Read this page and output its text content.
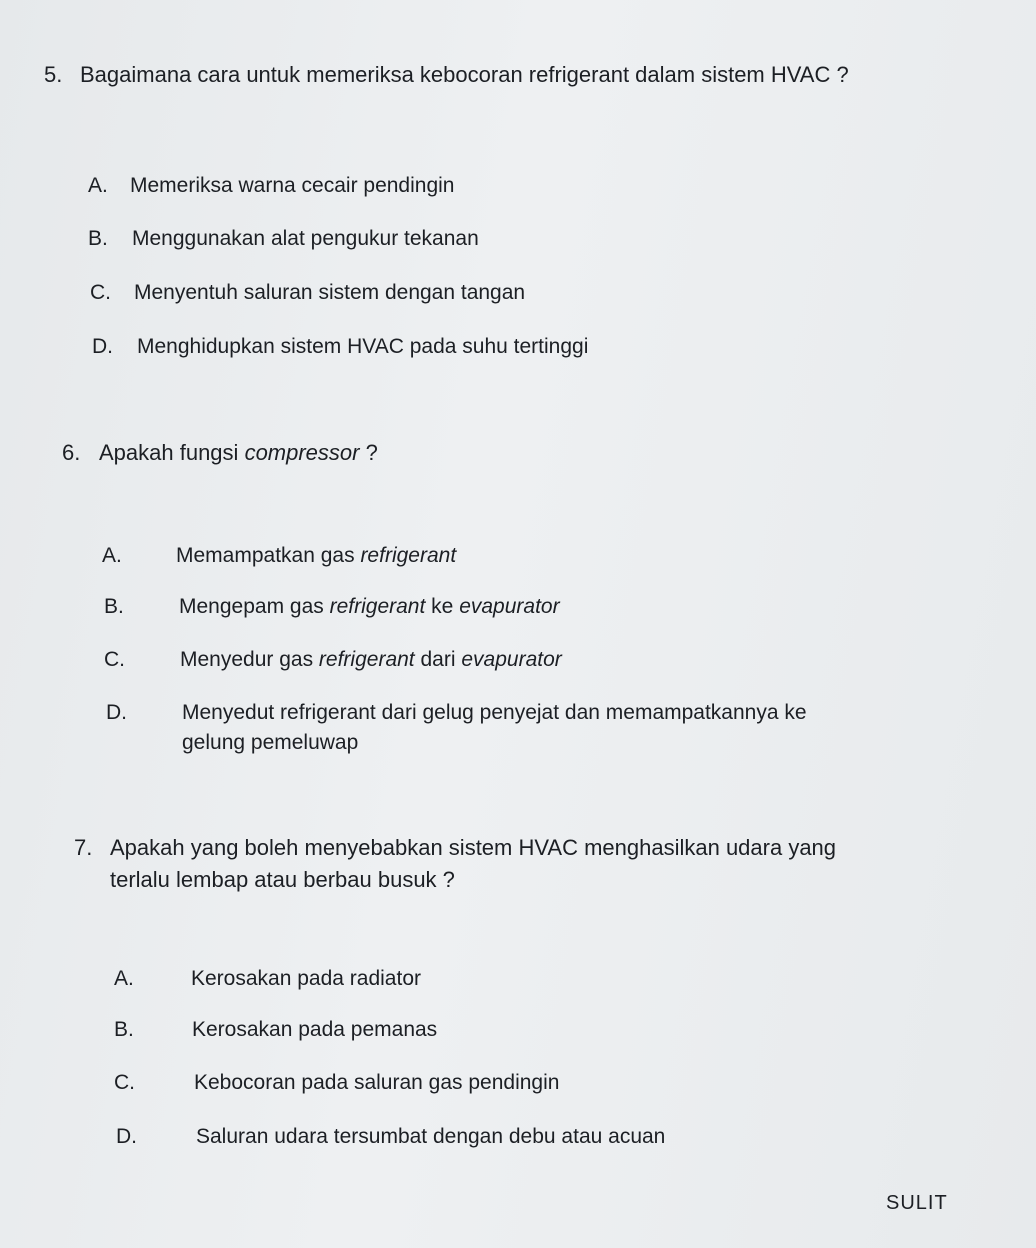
5. Bagaimana cara untuk memeriksa kebocoran refrigerant dalam sistem HVAC ?
A. Memeriksa warna cecair pendingin
B. Menggunakan alat pengukur tekanan
C. Menyentuh saluran sistem dengan tangan
D. Menghidupkan sistem HVAC pada suhu tertinggi
6. Apakah fungsi compressor ?
A.	Memampatkan gas refrigerant
B.	Mengepam gas refrigerant ke evapurator
C.	Menyedur gas refrigerant dari evapurator
D.	Menyedut refrigerant dari gelug penyejat dan memampatkannya ke
gelung pemeluwap
7. Apakah yang boleh menyebabkan sistem HVAC menghasilkan udara yang
terlalu lembap atau berbau busuk ?
A.	Kerosakan pada radiator
B.	Kerosakan pada pemanas
C.	Kebocoran pada saluran gas pendingin
D.	Saluran udara tersumbat dengan debu atau acuan
SULIT
